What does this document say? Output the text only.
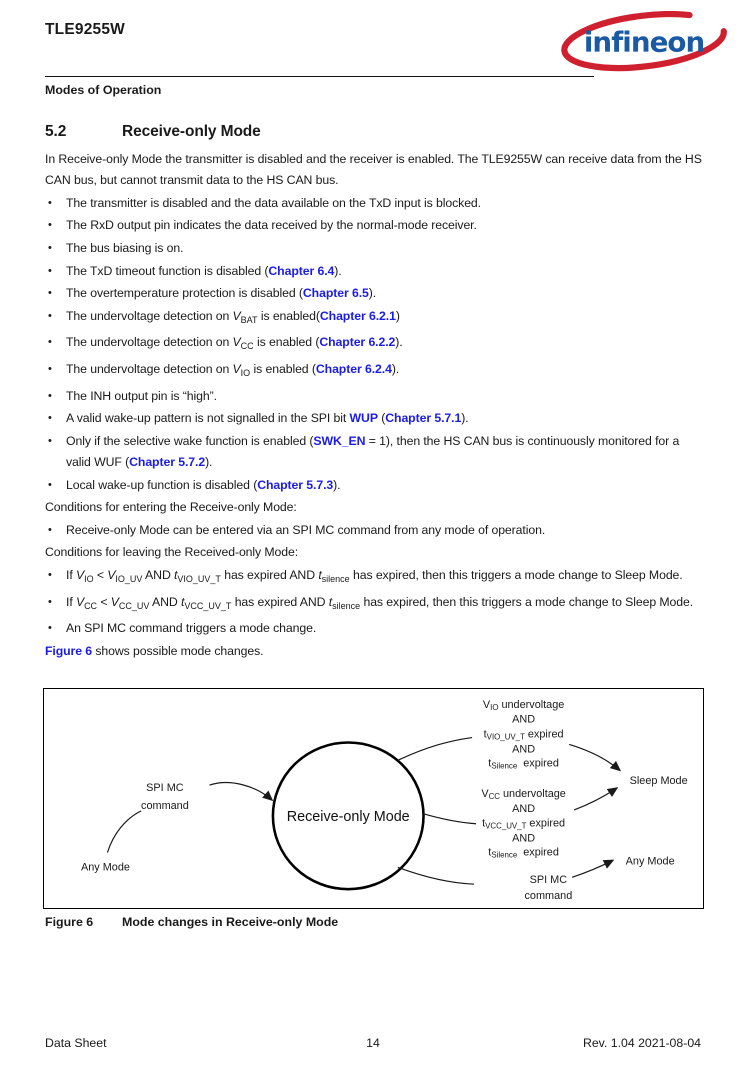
TLE9255W	infineon
Modes of Operation
5.2	Receive-only Mode
In Receive-only Mode the transmitter is disabled and the receiver is enabled. The TLE9255W can receive data from the HS CAN bus, but cannot transmit data to the HS CAN bus.
•	The transmitter is disabled and the data available on the TxD input is blocked.
•	The RxD output pin indicates the data received by the normal-mode receiver.
•	The bus biasing is on.
•	The TxD timeout function is disabled (Chapter 6.4).
•	The overtemperature protection is disabled (Chapter 6.5).
•	The undervoltage detection on $V_{BAT}$ is enabled(Chapter 6.2.1)
•	The undervoltage detection on $V_{CC}$ is enabled (Chapter 6.2.2).
•	The undervoltage detection on $V_{IO}$ is enabled (Chapter 6.2.4).
•	The INH output pin is “high”.
•	A valid wake-up pattern is not signalled in the SPI bit WUP (Chapter 5.7.1).
•	Only if the selective wake function is enabled (SWK_EN = 1), then the HS CAN bus is continuously monitored for a valid WUF (Chapter 5.7.2).
•	Local wake-up function is disabled (Chapter 5.7.3).
Conditions for entering the Receive-only Mode:
•	Receive-only Mode can be entered via an SPI MC command from any mode of operation.
Conditions for leaving the Received-only Mode:
•	If $V_{IO} < V_{IO\_UV}$ AND $t_{VIO\_UV\_T}$ has expired AND $t_{silence}$ has expired, then this triggers a mode change to Sleep Mode.
•	If $V_{CC} < V_{CC\_UV}$ AND $t_{VCC\_UV\_T}$ has expired AND $t_{silence}$ has expired, then this triggers a mode change to Sleep Mode.
•	An SPI MC command triggers a mode change.
Figure 6 shows possible mode changes.
Receive-only Mode
SPI MC
command
Any Mode
VIO undervoltage
AND
tVIO_UV_T expired
AND
tSilence expired
VCC undervoltage
AND
tVCC_UV_T expired
AND
tSilence expired
SPI MC
command
Sleep Mode
Any Mode
Figure 6	Mode changes in Receive-only Mode
Data Sheet	14	Rev. 1.04 2021-08-04
